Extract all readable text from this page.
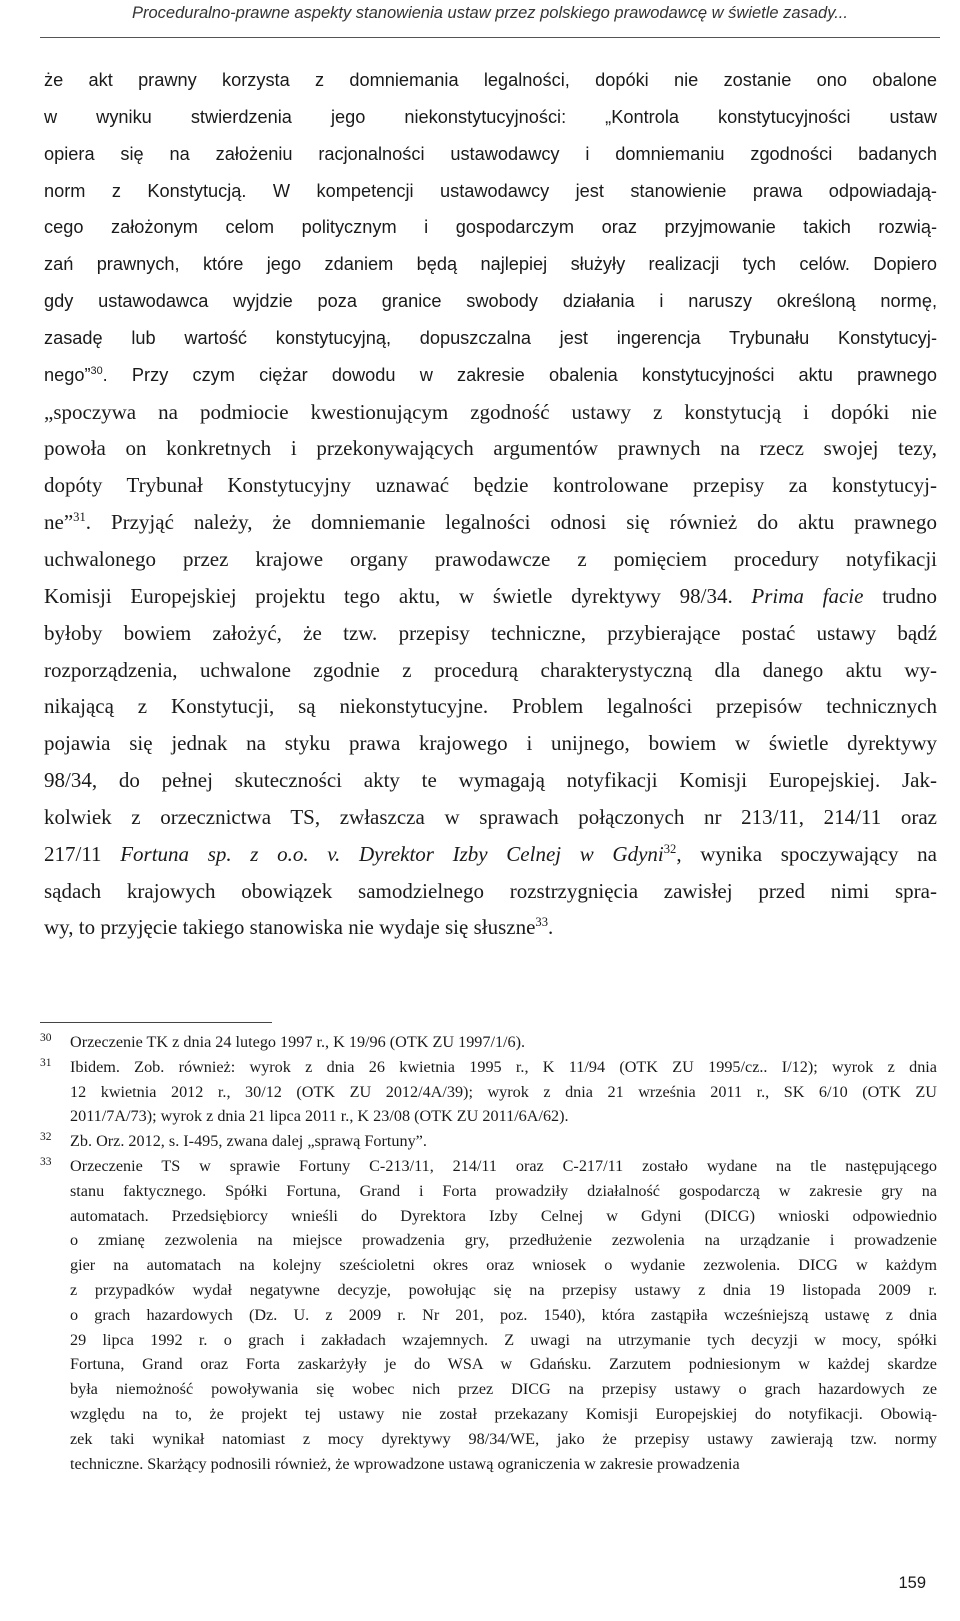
Proceduralno-prawne aspekty stanowienia ustaw przez polskiego prawodawcę w świetle zasady...
że akt prawny korzysta z domniemania legalności, dopóki nie zostanie ono obalone
w wyniku stwierdzenia jego niekonstytucyjności: „Kontrola konstytucyjności ustaw
opiera się na założeniu racjonalności ustawodawcy i domniemaniu zgodności badanych
norm z Konstytucją. W kompetencji ustawodawcy jest stanowienie prawa odpowiadają-
cego założonym celom politycznym i gospodarczym oraz przyjmowanie takich rozwią-
zań prawnych, które jego zdaniem będą najlepiej służyły realizacji tych celów. Dopiero
gdy ustawodawca wyjdzie poza granice swobody działania i naruszy określoną normę,
zasadę lub wartość konstytucyjną, dopuszczalna jest ingerencja Trybunału Konstytucyj-
nego”$^{30}$. Przy czym ciężar dowodu w zakresie obalenia konstytucyjności aktu prawnego
„spoczywa na podmiocie kwestionującym zgodność ustawy z konstytucją i dopóki nie
powoła on konkretnych i przekonywających argumentów prawnych na rzecz swojej tezy,
dopóty Trybunał Konstytucyjny uznawać będzie kontrolowane przepisy za konstytucyj-
ne”$^{31}$. Przyjąć należy, że domniemanie legalności odnosi się również do aktu prawnego
uchwalonego przez krajowe organy prawodawcze z pomięciem procedury notyfikacji
Komisji Europejskiej projektu tego aktu, w świetle dyrektywy 98/34. Prima facie trudno
byłoby bowiem założyć, że tzw. przepisy techniczne, przybierające postać ustawy bądź
rozporządzenia, uchwalone zgodnie z procedurą charakterystyczną dla danego aktu wy-
nikającą z Konstytucji, są niekonstytucyjne. Problem legalności przepisów technicznych
pojawia się jednak na styku prawa krajowego i unijnego, bowiem w świetle dyrektywy
98/34, do pełnej skuteczności akty te wymagają notyfikacji Komisji Europejskiej. Jak-
kolwiek z orzecznictwa TS, zwłaszcza w sprawach połączonych nr 213/11, 214/11 oraz
217/11 Fortuna sp. z o.o. v. Dyrektor Izby Celnej w Gdyni$^{32}$, wynika spoczywający na
sądach krajowych obowiązek samodzielnego rozstrzygnięcia zawisłej przed nimi spra-
wy, to przyjęcie takiego stanowiska nie wydaje się słuszne$^{33}$.
30 Orzeczenie TK z dnia 24 lutego 1997 r., K 19/96 (OTK ZU 1997/1/6).
31 Ibidem. Zob. również: wyrok z dnia 26 kwietnia 1995 r., K 11/94 (OTK ZU 1995/cz.. I/12); wyrok z dnia
12 kwietnia 2012 r., 30/12 (OTK ZU 2012/4A/39); wyrok z dnia 21 września 2011 r., SK 6/10 (OTK ZU
2011/7A/73); wyrok z dnia 21 lipca 2011 r., K 23/08 (OTK ZU 2011/6A/62).
32 Zb. Orz. 2012, s. I-495, zwana dalej „sprawą Fortuny”.
33 Orzeczenie TS w sprawie Fortuny C-213/11, 214/11 oraz C-217/11 zostało wydane na tle następującego
stanu faktycznego. Spółki Fortuna, Grand i Forta prowadziły działalność gospodarczą w zakresie gry na
automatach. Przedsiębiorcy wnieśli do Dyrektora Izby Celnej w Gdyni (DICG) wnioski odpowiednio
o zmianę zezwolenia na miejsce prowadzenia gry, przedłużenie zezwolenia na urządzanie i prowadzenie
gier na automatach na kolejny sześcioletni okres oraz wniosek o wydanie zezwolenia. DICG w każdym
z przypadków wydał negatywne decyzje, powołując się na przepisy ustawy z dnia 19 listopada 2009 r.
o grach hazardowych (Dz. U. z 2009 r. Nr 201, poz. 1540), która zastąpiła wcześniejszą ustawę z dnia
29 lipca 1992 r. o grach i zakładach wzajemnych. Z uwagi na utrzymanie tych decyzji w mocy, spółki
Fortuna, Grand oraz Forta zaskarżyły je do WSA w Gdańsku. Zarzutem podniesionym w każdej skardze
była niemożność powoływania się wobec nich przez DICG na przepisy ustawy o grach hazardowych ze
względu na to, że projekt tej ustawy nie został przekazany Komisji Europejskiej do notyfikacji. Obowią-
zek taki wynikał natomiast z mocy dyrektywy 98/34/WE, jako że przepisy ustawy zawierają tzw. normy
techniczne. Skarżący podnosili również, że wprowadzone ustawą ograniczenia w zakresie prowadzenia
159
